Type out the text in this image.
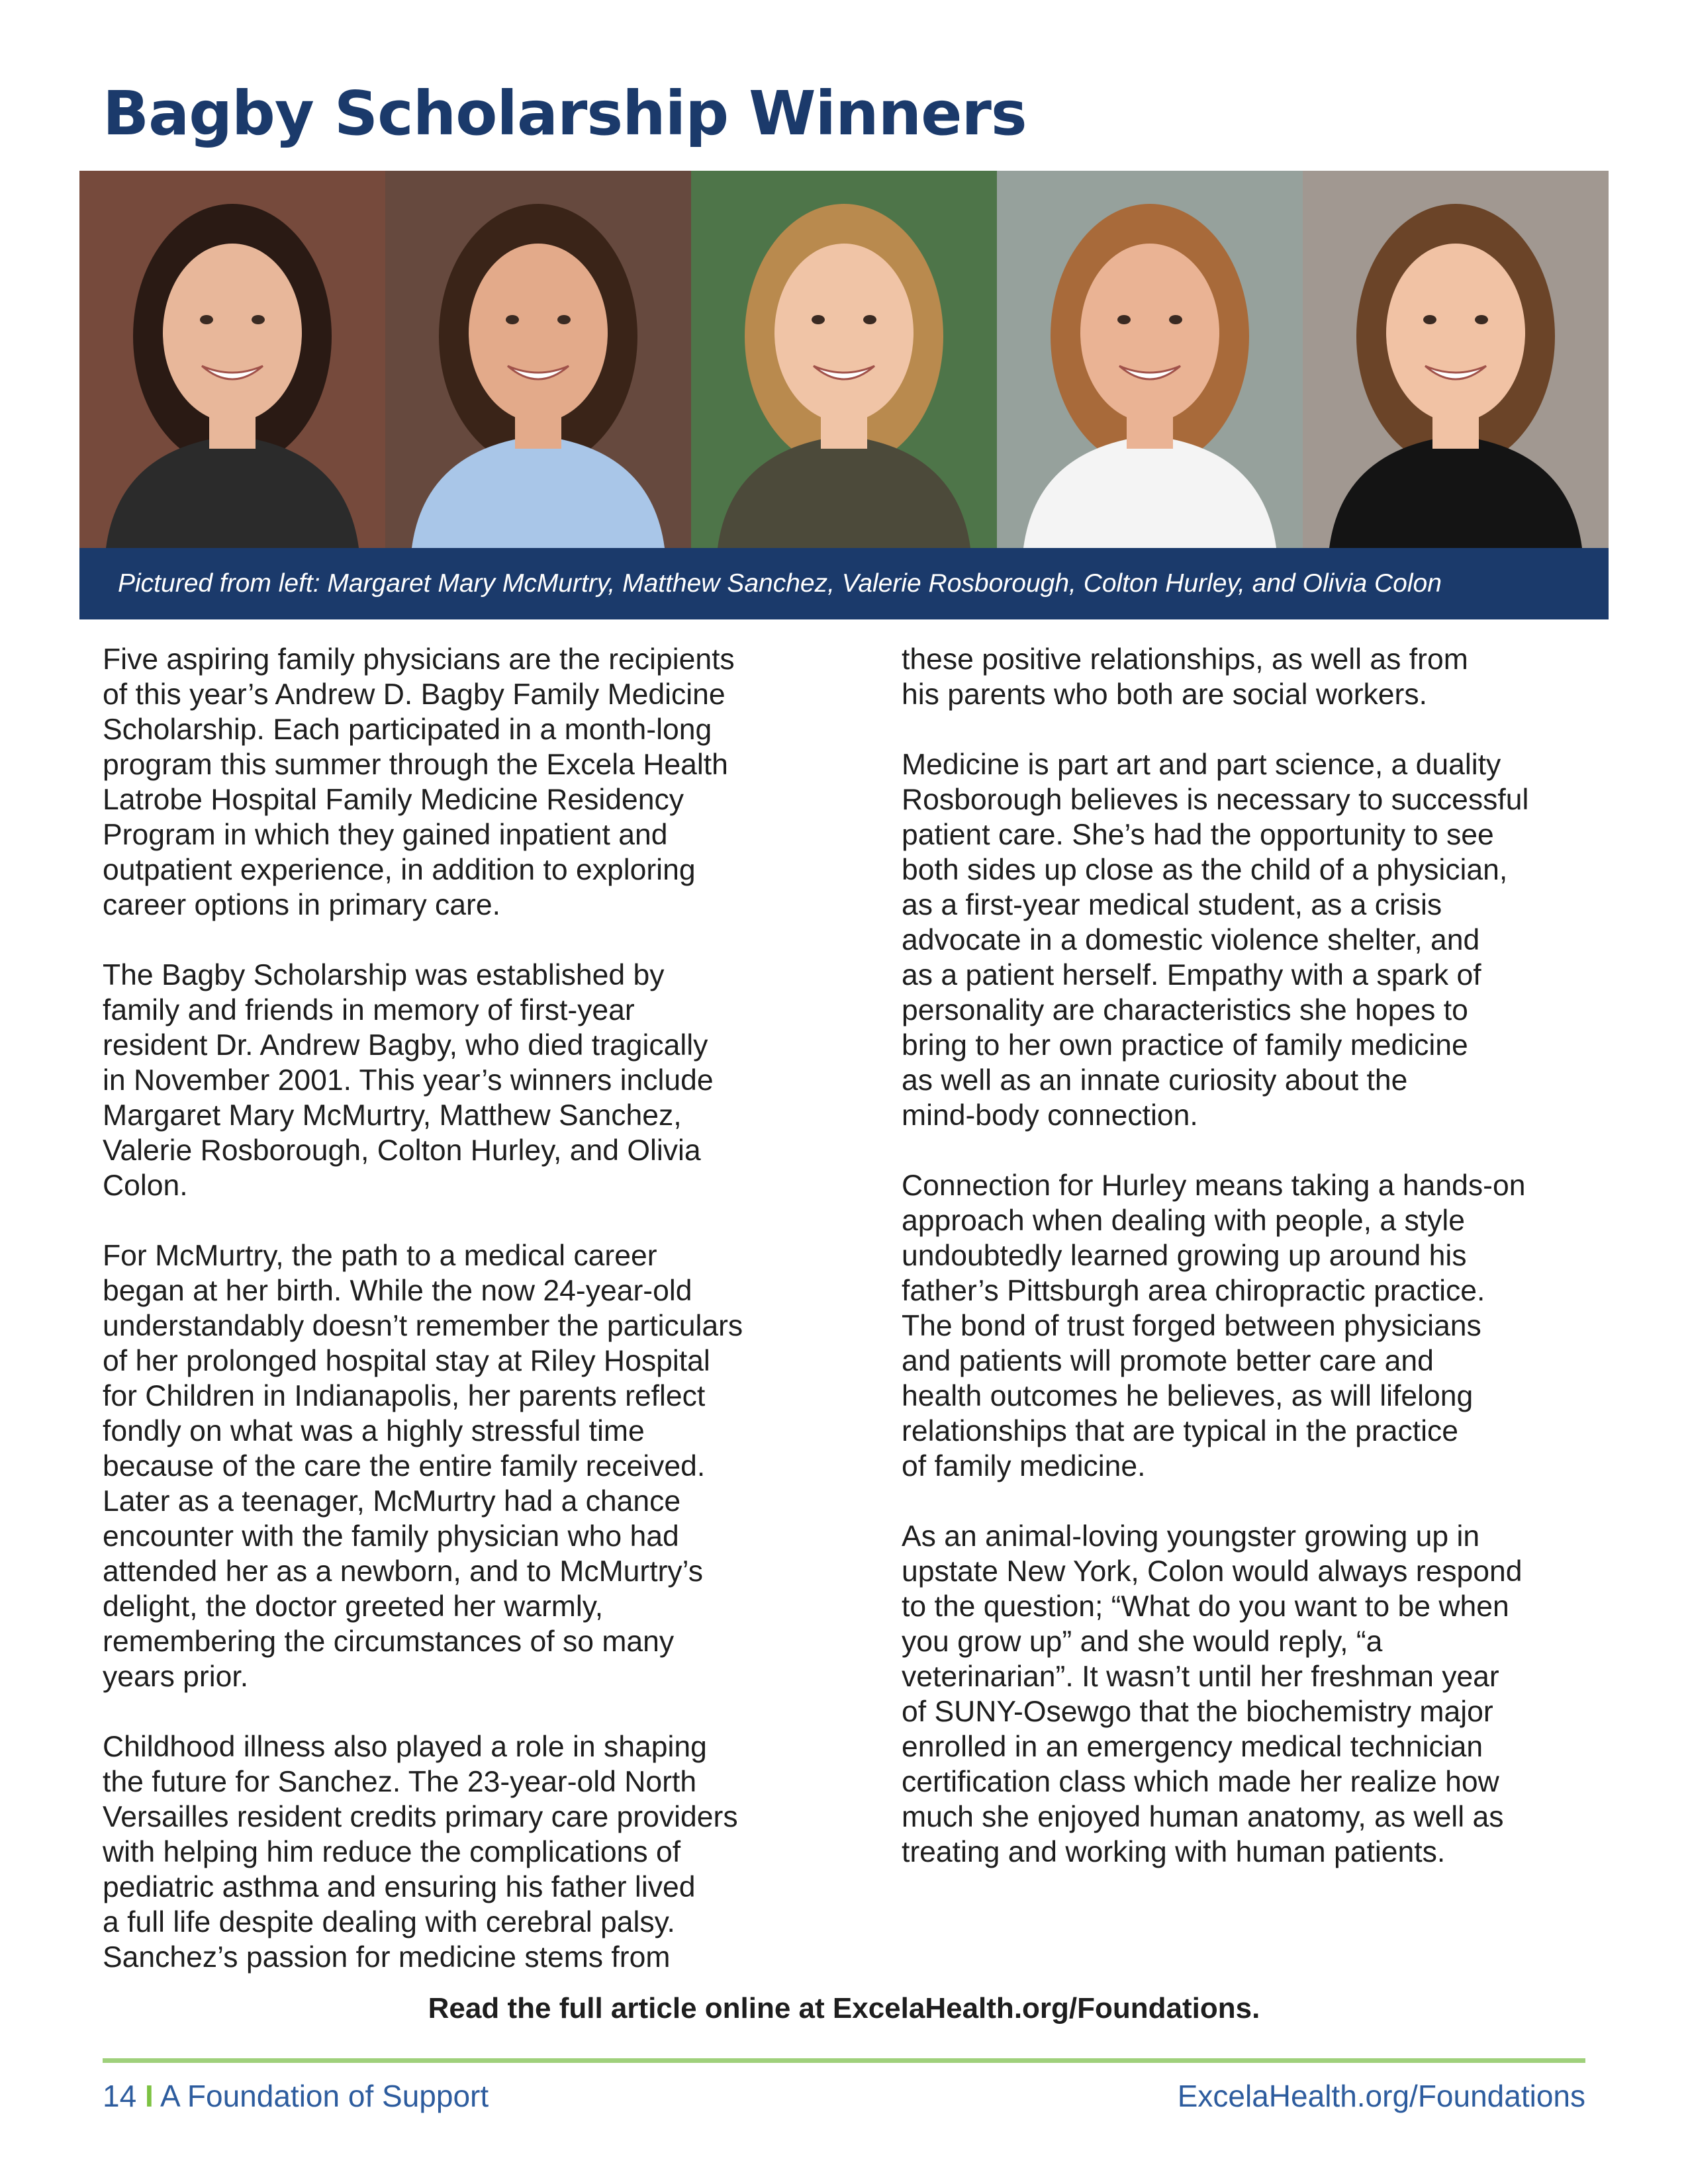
Bagby Scholarship Winners
Pictured from left: Margaret Mary McMurtry, Matthew Sanchez, Valerie Rosborough, Colton Hurley, and Olivia Colon

Five aspiring family physicians are the recipients
of this year’s Andrew D. Bagby Family Medicine
Scholarship. Each participated in a month-long
program this summer through the Excela Health
Latrobe Hospital Family Medicine Residency
Program in which they gained inpatient and
outpatient experience, in addition to exploring
career options in primary care.

The Bagby Scholarship was established by
family and friends in memory of first-year
resident Dr. Andrew Bagby, who died tragically
in November 2001. This year’s winners include
Margaret Mary McMurtry, Matthew Sanchez,
Valerie Rosborough, Colton Hurley, and Olivia
Colon.

For McMurtry, the path to a medical career
began at her birth. While the now 24-year-old
understandably doesn’t remember the particulars
of her prolonged hospital stay at Riley Hospital
for Children in Indianapolis, her parents reflect
fondly on what was a highly stressful time
because of the care the entire family received.
Later as a teenager, McMurtry had a chance
encounter with the family physician who had
attended her as a newborn, and to McMurtry’s
delight, the doctor greeted her warmly,
remembering the circumstances of so many
years prior.

Childhood illness also played a role in shaping
the future for Sanchez. The 23-year-old North
Versailles resident credits primary care providers
with helping him reduce the complications of
pediatric asthma and ensuring his father lived
a full life despite dealing with cerebral palsy.
Sanchez’s passion for medicine stems from

these positive relationships, as well as from
his parents who both are social workers.

Medicine is part art and part science, a duality
Rosborough believes is necessary to successful
patient care. She’s had the opportunity to see
both sides up close as the child of a physician,
as a first-year medical student, as a crisis
advocate in a domestic violence shelter, and
as a patient herself. Empathy with a spark of
personality are characteristics she hopes to
bring to her own practice of family medicine
as well as an innate curiosity about the
mind-body connection.

Connection for Hurley means taking a hands-on
approach when dealing with people, a style
undoubtedly learned growing up around his
father’s Pittsburgh area chiropractic practice.
The bond of trust forged between physicians
and patients will promote better care and
health outcomes he believes, as will lifelong
relationships that are typical in the practice
of family medicine.

As an animal-loving youngster growing up in
upstate New York, Colon would always respond
to the question; “What do you want to be when
you grow up” and she would reply, “a
veterinarian”. It wasn’t until her freshman year
of SUNY-Osewgo that the biochemistry major
enrolled in an emergency medical technician
certification class which made her realize how
much she enjoyed human anatomy, as well as
treating and working with human patients.

Read the full article online at ExcelaHealth.org/Foundations.
14 I A Foundation of Support	ExcelaHealth.org/Foundations
